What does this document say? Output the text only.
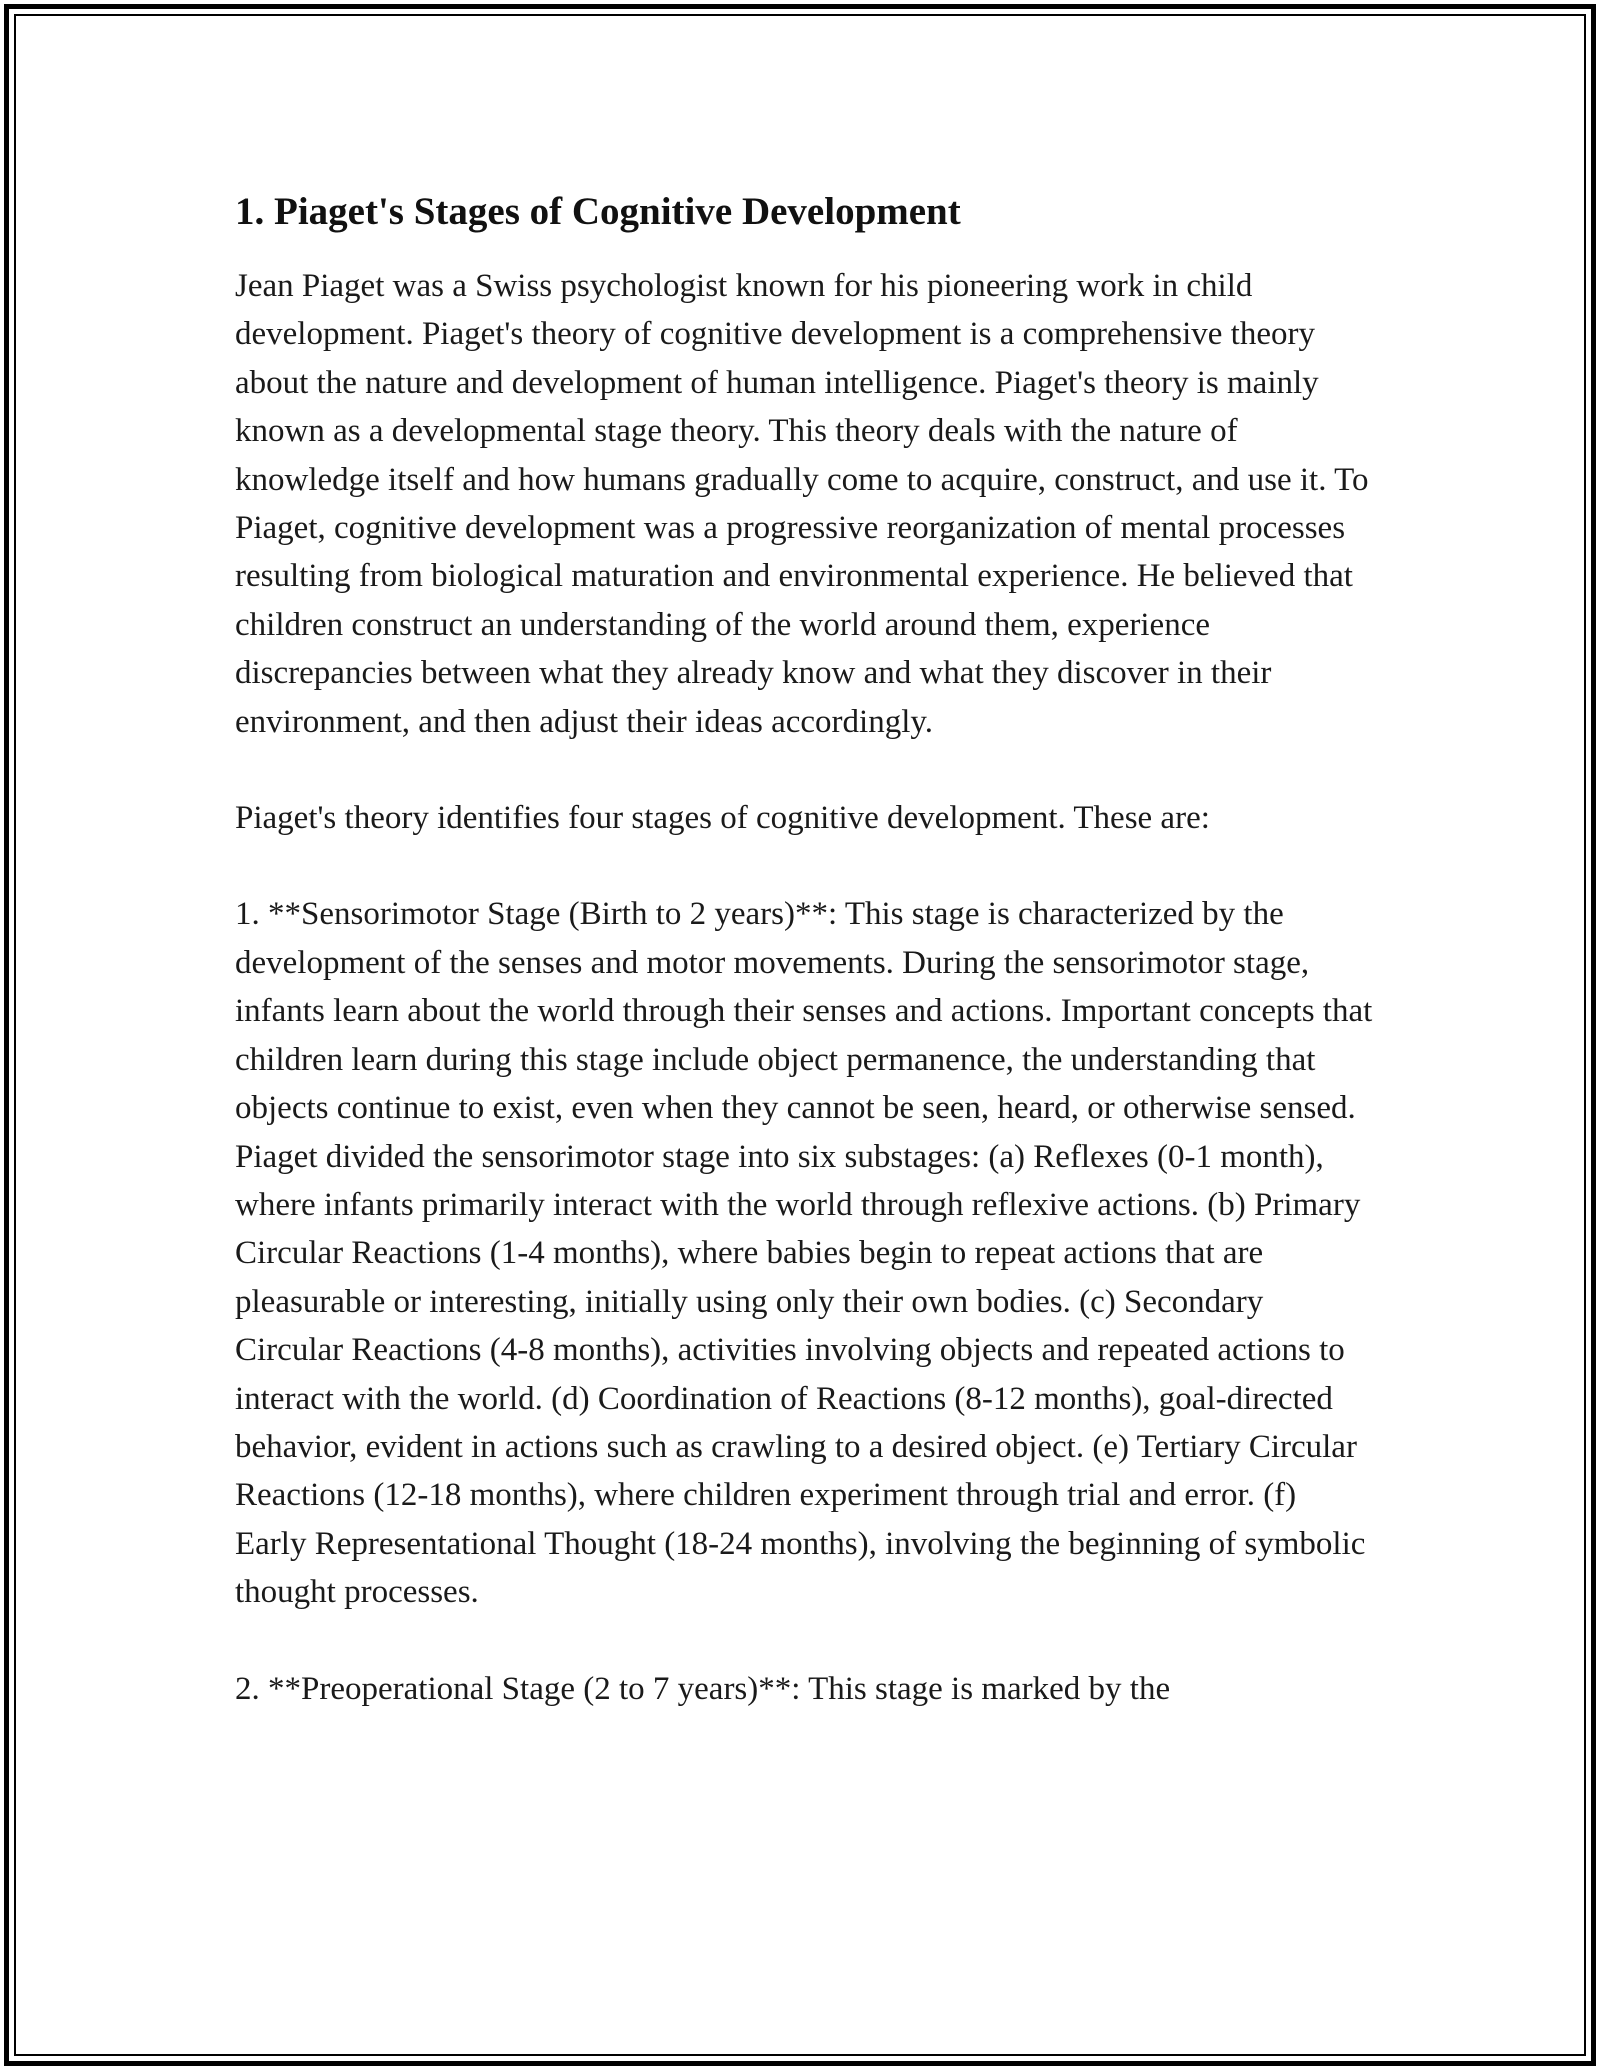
1. Piaget's Stages of Cognitive Development

Jean Piaget was a Swiss psychologist known for his pioneering work in child development. Piaget's theory of cognitive development is a comprehensive theory about the nature and development of human intelligence. Piaget's theory is mainly known as a developmental stage theory. This theory deals with the nature of knowledge itself and how humans gradually come to acquire, construct, and use it. To Piaget, cognitive development was a progressive reorganization of mental processes resulting from biological maturation and environmental experience. He believed that children construct an understanding of the world around them, experience discrepancies between what they already know and what they discover in their environment, and then adjust their ideas accordingly.

Piaget's theory identifies four stages of cognitive development. These are:

1. **Sensorimotor Stage (Birth to 2 years)**: This stage is characterized by the development of the senses and motor movements. During the sensorimotor stage, infants learn about the world through their senses and actions. Important concepts that children learn during this stage include object permanence, the understanding that objects continue to exist, even when they cannot be seen, heard, or otherwise sensed. Piaget divided the sensorimotor stage into six substages: (a) Reflexes (0-1 month), where infants primarily interact with the world through reflexive actions. (b) Primary Circular Reactions (1-4 months), where babies begin to repeat actions that are pleasurable or interesting, initially using only their own bodies. (c) Secondary Circular Reactions (4-8 months), activities involving objects and repeated actions to interact with the world. (d) Coordination of Reactions (8-12 months), goal-directed behavior, evident in actions such as crawling to a desired object. (e) Tertiary Circular Reactions (12-18 months), where children experiment through trial and error. (f) Early Representational Thought (18-24 months), involving the beginning of symbolic thought processes.

2. **Preoperational Stage (2 to 7 years)**: This stage is marked by the
